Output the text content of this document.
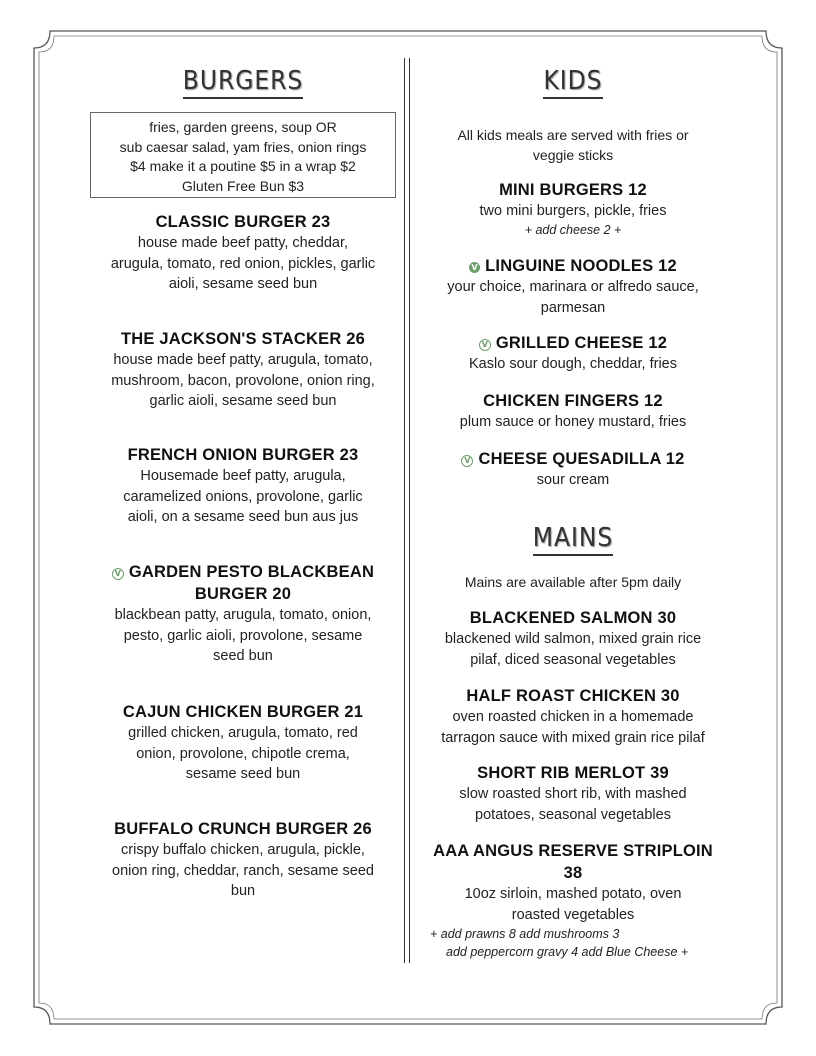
BURGERS
fries, garden greens, soup OR
sub caesar salad, yam fries, onion rings
$4 make it a poutine $5 in a wrap $2
Gluten Free Bun $3
CLASSIC BURGER 23
house made beef patty, cheddar,
arugula, tomato, red onion, pickles, garlic
aioli, sesame seed bun
THE JACKSON'S STACKER 26
house made beef patty, arugula, tomato,
mushroom, bacon, provolone, onion ring,
garlic aioli, sesame seed bun
FRENCH ONION BURGER 23
Housemade beef patty, arugula,
caramelized onions, provolone, garlic
aioli, on a sesame seed bun aus jus
V GARDEN PESTO BLACKBEAN
BURGER 20
blackbean patty, arugula, tomato, onion,
pesto, garlic aioli, provolone, sesame
seed bun
CAJUN CHICKEN BURGER 21
grilled chicken, arugula, tomato, red
onion, provolone, chipotle crema,
sesame seed bun
BUFFALO CRUNCH BURGER 26
crispy buffalo chicken, arugula, pickle,
onion ring, cheddar, ranch, sesame seed
bun
KIDS
All kids meals are served with fries or
veggie sticks
MINI BURGERS 12
two mini burgers, pickle, fries
+ add cheese 2 +
V LINGUINE NOODLES 12
your choice, marinara or alfredo sauce,
parmesan
V GRILLED CHEESE 12
Kaslo sour dough, cheddar, fries
CHICKEN FINGERS 12
plum sauce or honey mustard, fries
V CHEESE QUESADILLA 12
sour cream
MAINS
Mains are available after 5pm daily
BLACKENED SALMON 30
blackened wild salmon, mixed grain rice
pilaf, diced seasonal vegetables
HALF ROAST CHICKEN 30
oven roasted chicken in a homemade
tarragon sauce with mixed grain rice pilaf
SHORT RIB MERLOT 39
slow roasted short rib, with mashed
potatoes, seasonal vegetables
AAA ANGUS RESERVE STRIPLOIN
38
10oz sirloin, mashed potato, oven
roasted vegetables
+ add prawns 8 add mushrooms 3
add peppercorn gravy 4 add Blue Cheese +
